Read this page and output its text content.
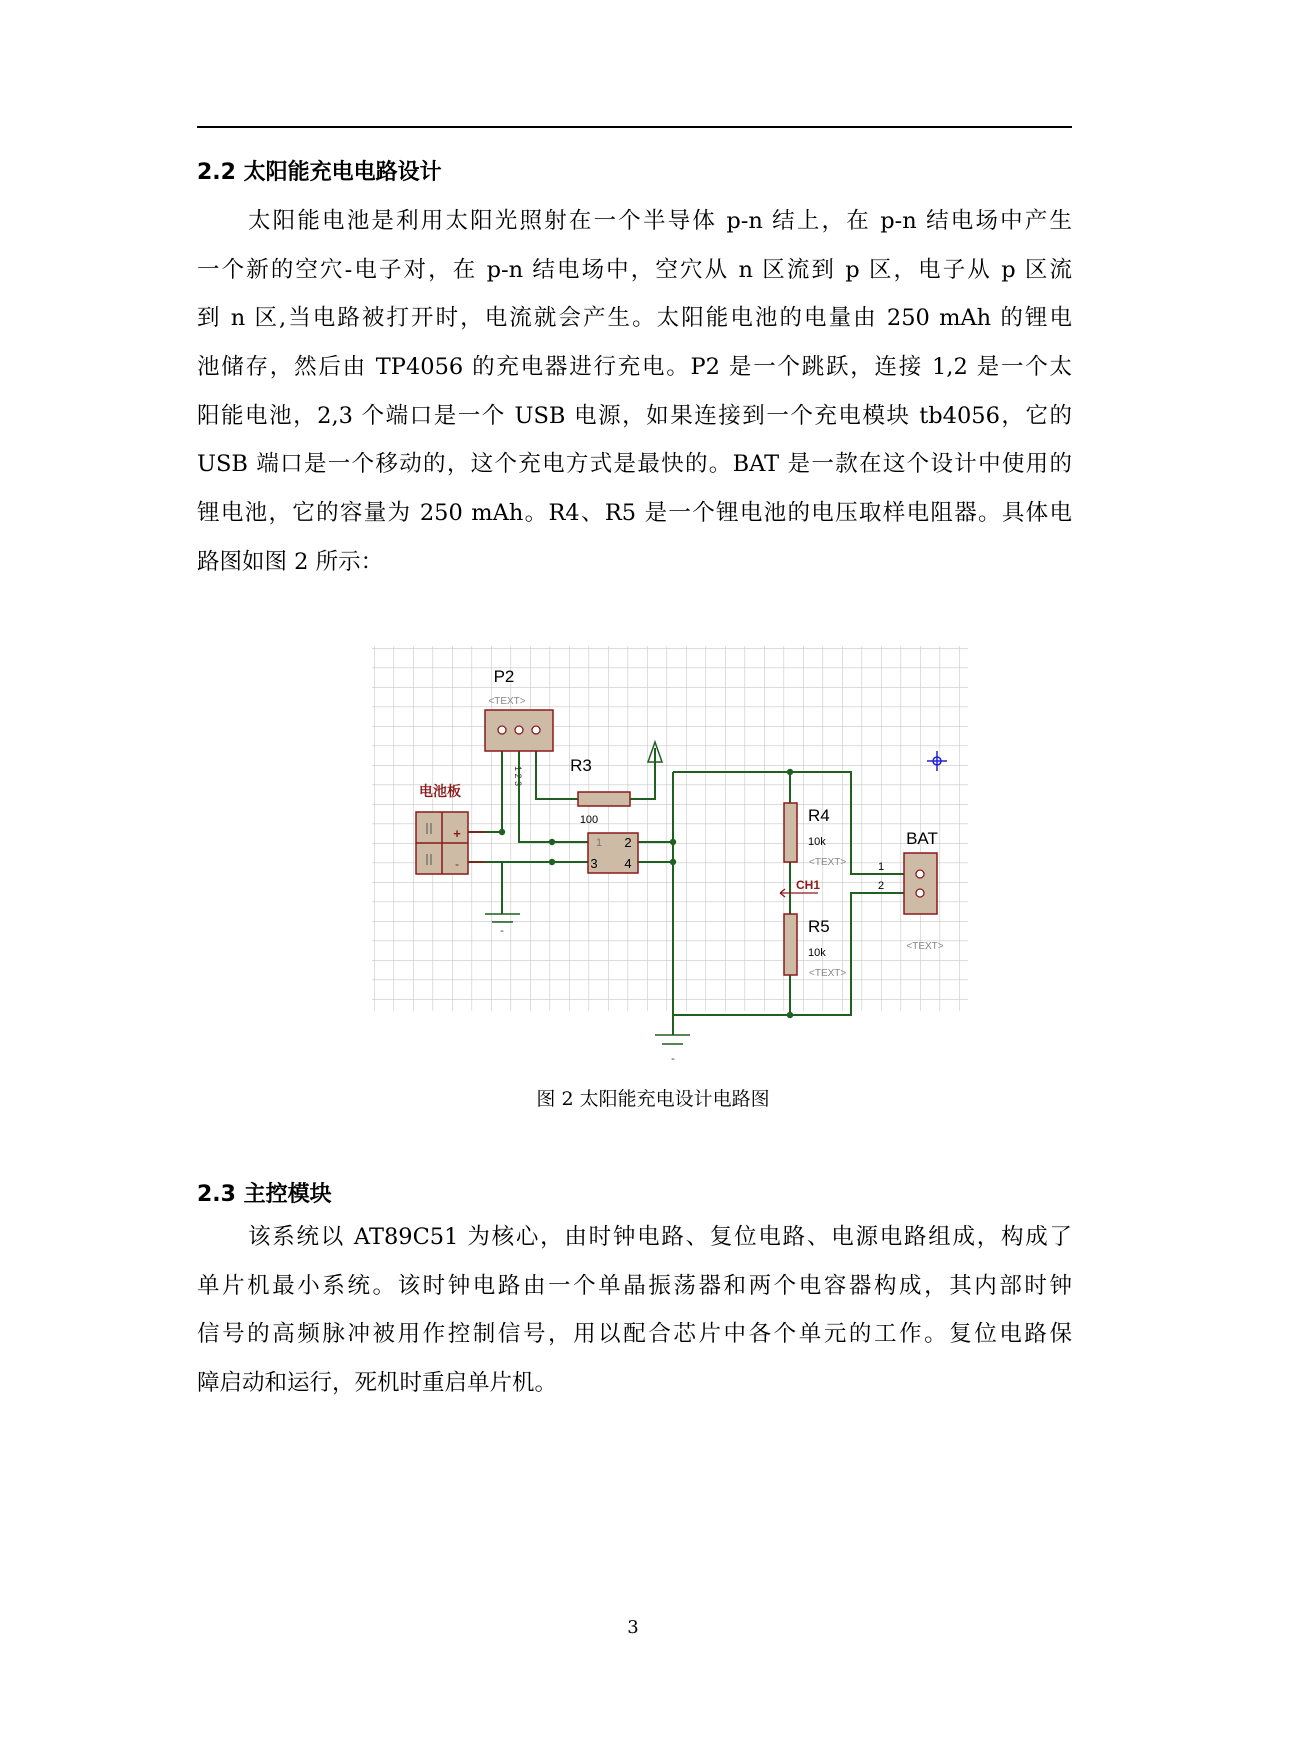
2.2 太阳能充电电路设计
太阳能电池是利用太阳光照射在一个半导体 p-n 结上，在 p-n 结电场中产生
一个新的空穴-电子对，在 p-n 结电场中，空穴从 n 区流到 p 区，电子从 p 区流
到 n 区,当电路被打开时，电流就会产生。太阳能电池的电量由 250 mAh 的锂电
池储存，然后由 TP4056 的充电器进行充电。P2 是一个跳跃，连接 1,2 是一个太
阳能电池，2,3 个端口是一个 USB 电源，如果连接到一个充电模块 tb4056，它的
USB 端口是一个移动的，这个充电方式是最快的。BAT 是一款在这个设计中使用的
锂电池，它的容量为 250 mAh。R4、R5 是一个锂电池的电压取样电阻器。具体电
路图如图 2 所示：
-
-
P2
<TEXT>
1 2 3
电池板
+
-
R3
100
1 2
3 4
R4
10k
<TEXT>
R5
10k
<TEXT>
CH1
BAT
<TEXT>
1
2
图 2 太阳能充电设计电路图
2.3 主控模块
该系统以 AT89C51 为核心，由时钟电路、复位电路、电源电路组成，构成了
单片机最小系统。该时钟电路由一个单晶振荡器和两个电容器构成，其内部时钟
信号的高频脉冲被用作控制信号，用以配合芯片中各个单元的工作。复位电路保
障启动和运行，死机时重启单片机。
3
